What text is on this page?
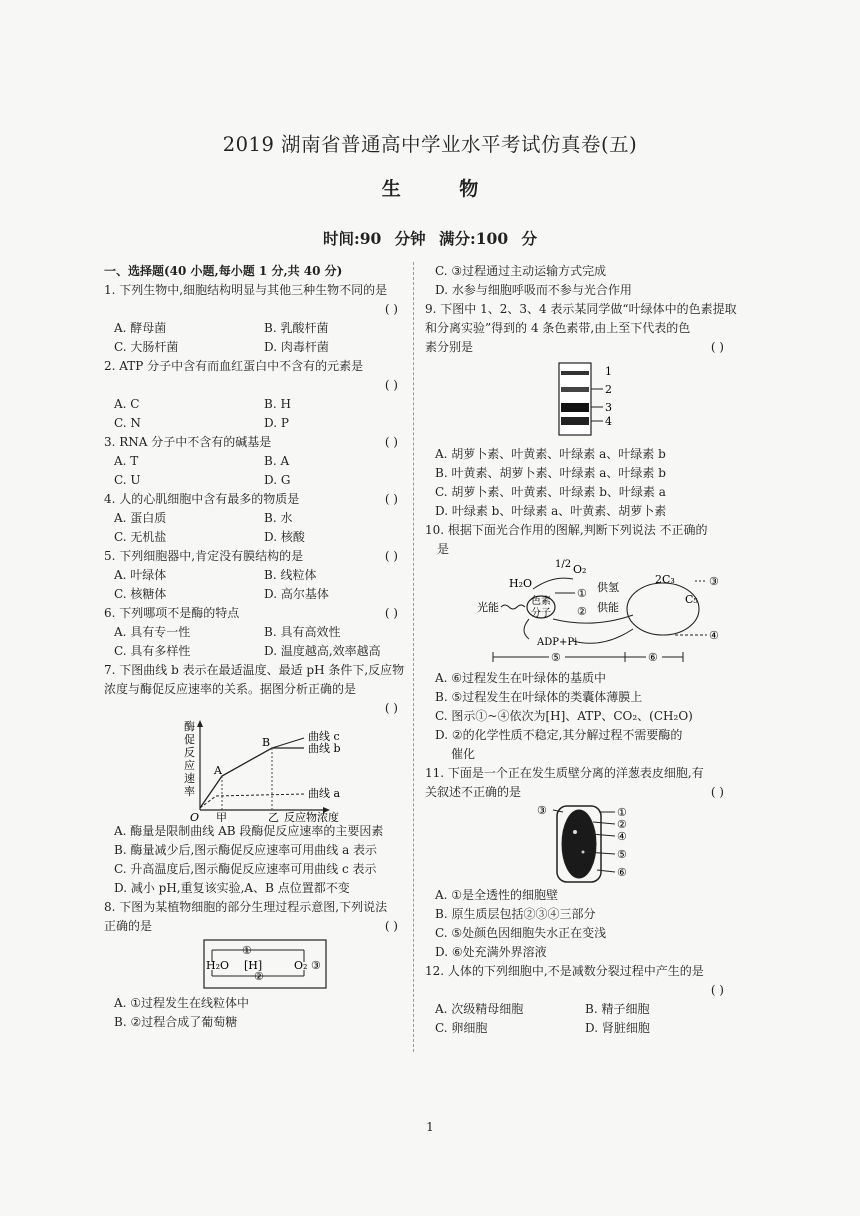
2019 湖南省普通高中学业水平考试仿真卷(五)
生 物
时间:90 分钟 满分:100 分
一、选择题(40 小题,每小题 1 分,共 40 分)
1. 下列生物中,细胞结构明显与其他三种生物不同的是
( )
A. 酵母菌	B. 乳酸杆菌
C. 大肠杆菌	D. 肉毒杆菌
2. ATP 分子中含有而血红蛋白中不含有的元素是
( )
A. C	B. H
C. N	D. P
3. RNA 分子中不含有的碱基是	( )
A. T	B. A
C. U	D. G
4. 人的心肌细胞中含有最多的物质是	( )
A. 蛋白质	B. 水
C. 无机盐	D. 核酸
5. 下列细胞器中,肯定没有膜结构的是	( )
A. 叶绿体	B. 线粒体
C. 核糖体	D. 高尔基体
6. 下列哪项不是酶的特点	( )
A. 具有专一性	B. 具有高效性
C. 具有多样性	D. 温度越高,效率越高
7. 下图曲线 b 表示在最适温度、最适 pH 条件下,反应物
浓度与酶促反应速率的关系。据图分析正确的是
( )
酶
促
反
应
速
率
O 甲	乙 反应物浓度
A
B	曲线 c
曲线 b
曲线 a
A. 酶量是限制曲线 AB 段酶促反应速率的主要因素
B. 酶量减少后,图示酶促反应速率可用曲线 a 表示
C. 升高温度后,图示酶促反应速率可用曲线 c 表示
D. 减小 pH,重复该实验,A、B 点位置都不变
8. 下图为某植物细胞的部分生理过程示意图,下列说法
正确的是	( )
①
②
H₂O [H]	O₂ ③
A. ①过程发生在线粒体中
B. ②过程合成了葡萄糖
C. ③过程通过主动运输方式完成
D. 水参与细胞呼吸而不参与光合作用
9. 下图中 1、2、3、4 表示某同学做“叶绿体中的色素提取
和分离实验”得到的 4 条色素带,由上至下代表的色
素分别是	( )
1
2
3
4
A. 胡萝卜素、叶黄素、叶绿素 a、叶绿素 b
B. 叶黄素、胡萝卜素、叶绿素 a、叶绿素 b
C. 胡萝卜素、叶黄素、叶绿素 b、叶绿素 a
D. 叶绿素 b、叶绿素 a、叶黄素、胡萝卜素
10. 根据下面光合作用的图解,判断下列说法 不正确的
是
1/2 O₂
H₂O
光能	色素
分子
① 供氢
② 供能
2C₃
C₅
③
④
ADP+Pi
⑤	⑥
A. ⑥过程发生在叶绿体的基质中
B. ⑤过程发生在叶绿体的类囊体薄膜上
C. 图示①~④依次为[H]、ATP、CO₂、(CH₂O)
D. ②的化学性质不稳定,其分解过程不需要酶的
催化
11. 下面是一个正在发生质壁分离的洋葱表皮细胞,有
关叙述不正确的是	( )
③	①
②
④
⑤
⑥
A. ①是全透性的细胞壁
B. 原生质层包括②③④三部分
C. ⑤处颜色因细胞失水正在变浅
D. ⑥处充满外界溶液
12. 人体的下列细胞中,不是减数分裂过程中产生的是
( )
A. 次级精母细胞	B. 精子细胞
C. 卵细胞	D. 肾脏细胞
1
